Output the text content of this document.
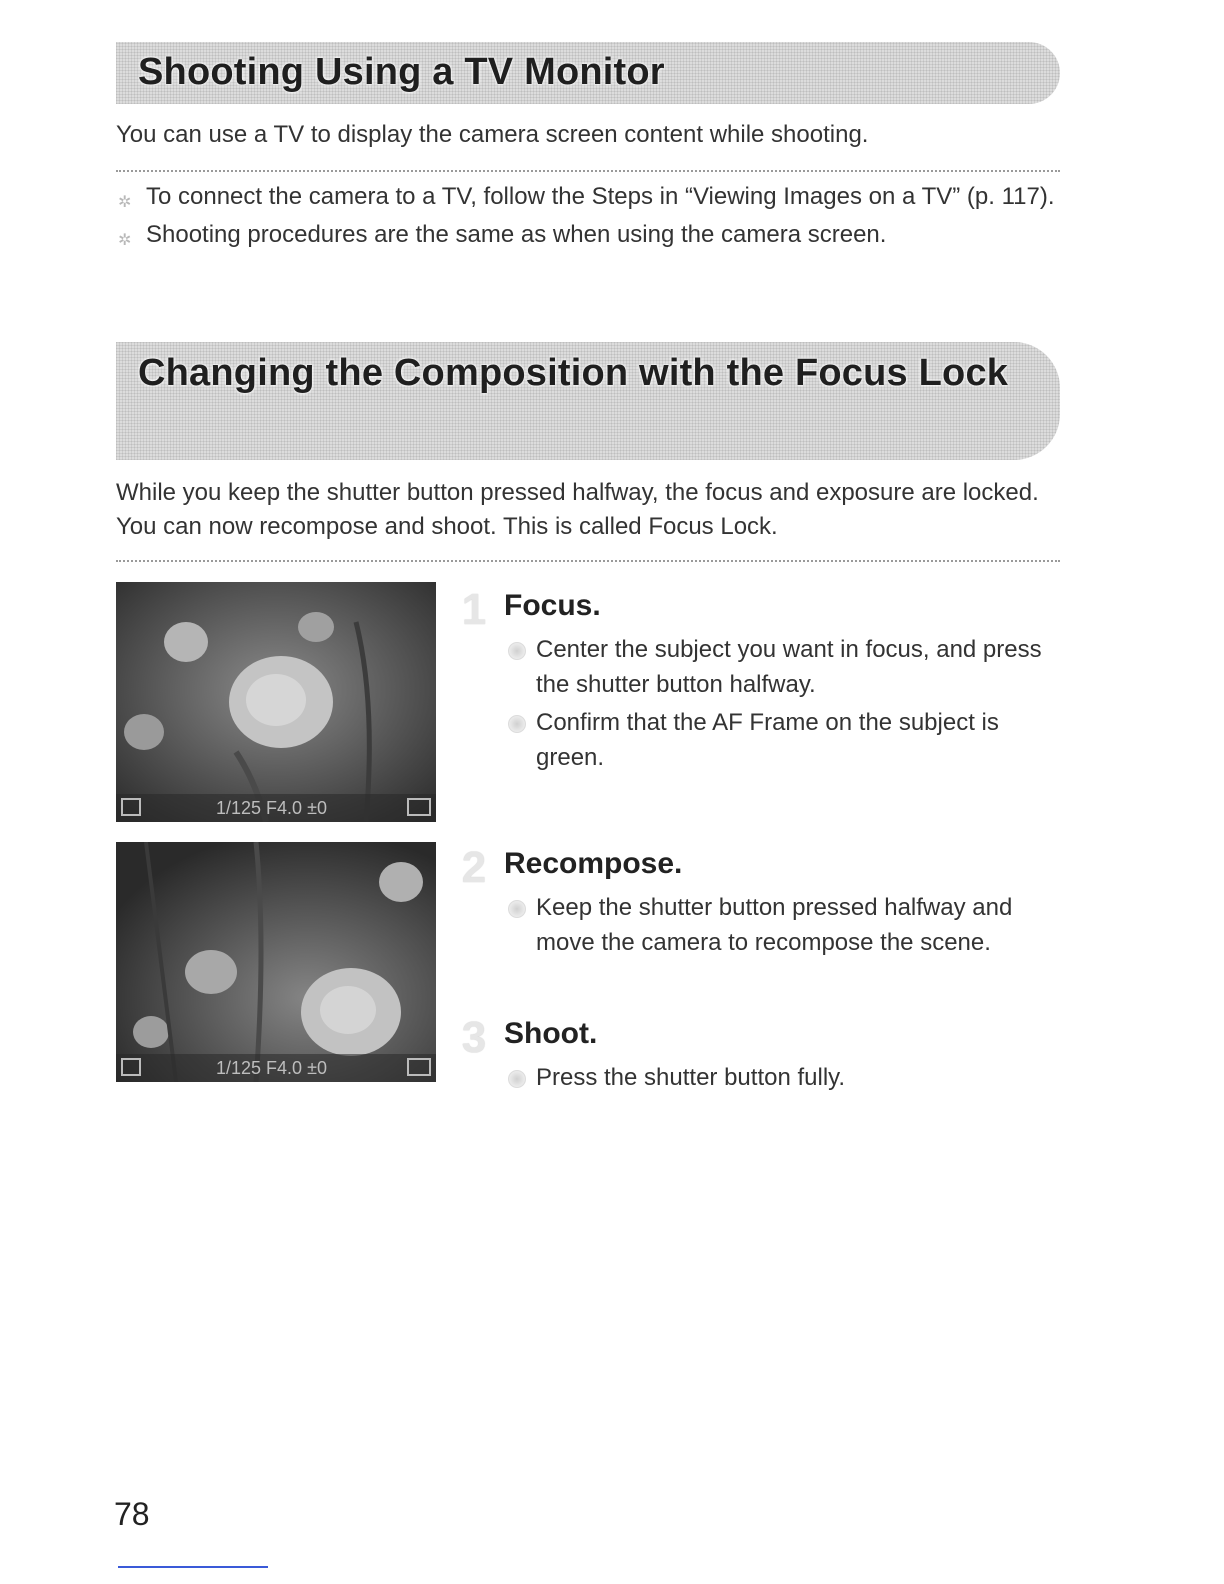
Shooting Using a TV Monitor

You can use a TV to display the camera screen content while shooting.

✲ To connect the camera to a TV, follow the Steps in “Viewing Images on a TV” (p. 117).
✲ Shooting procedures are the same as when using the camera screen.
Changing the Composition with the Focus Lock

While you keep the shutter button pressed halfway, the focus and exposure are locked. You can now recompose and shoot. This is called Focus Lock.

1/125 F4.0 ±0
1/125 F4.0 ±0
1 Focus.
Center the subject you want in focus, and press the shutter button halfway.
Confirm that the AF Frame on the subject is green.
2 Recompose.
Keep the shutter button pressed halfway and move the camera to recompose the scene.
3 Shoot.
Press the shutter button fully.
78
